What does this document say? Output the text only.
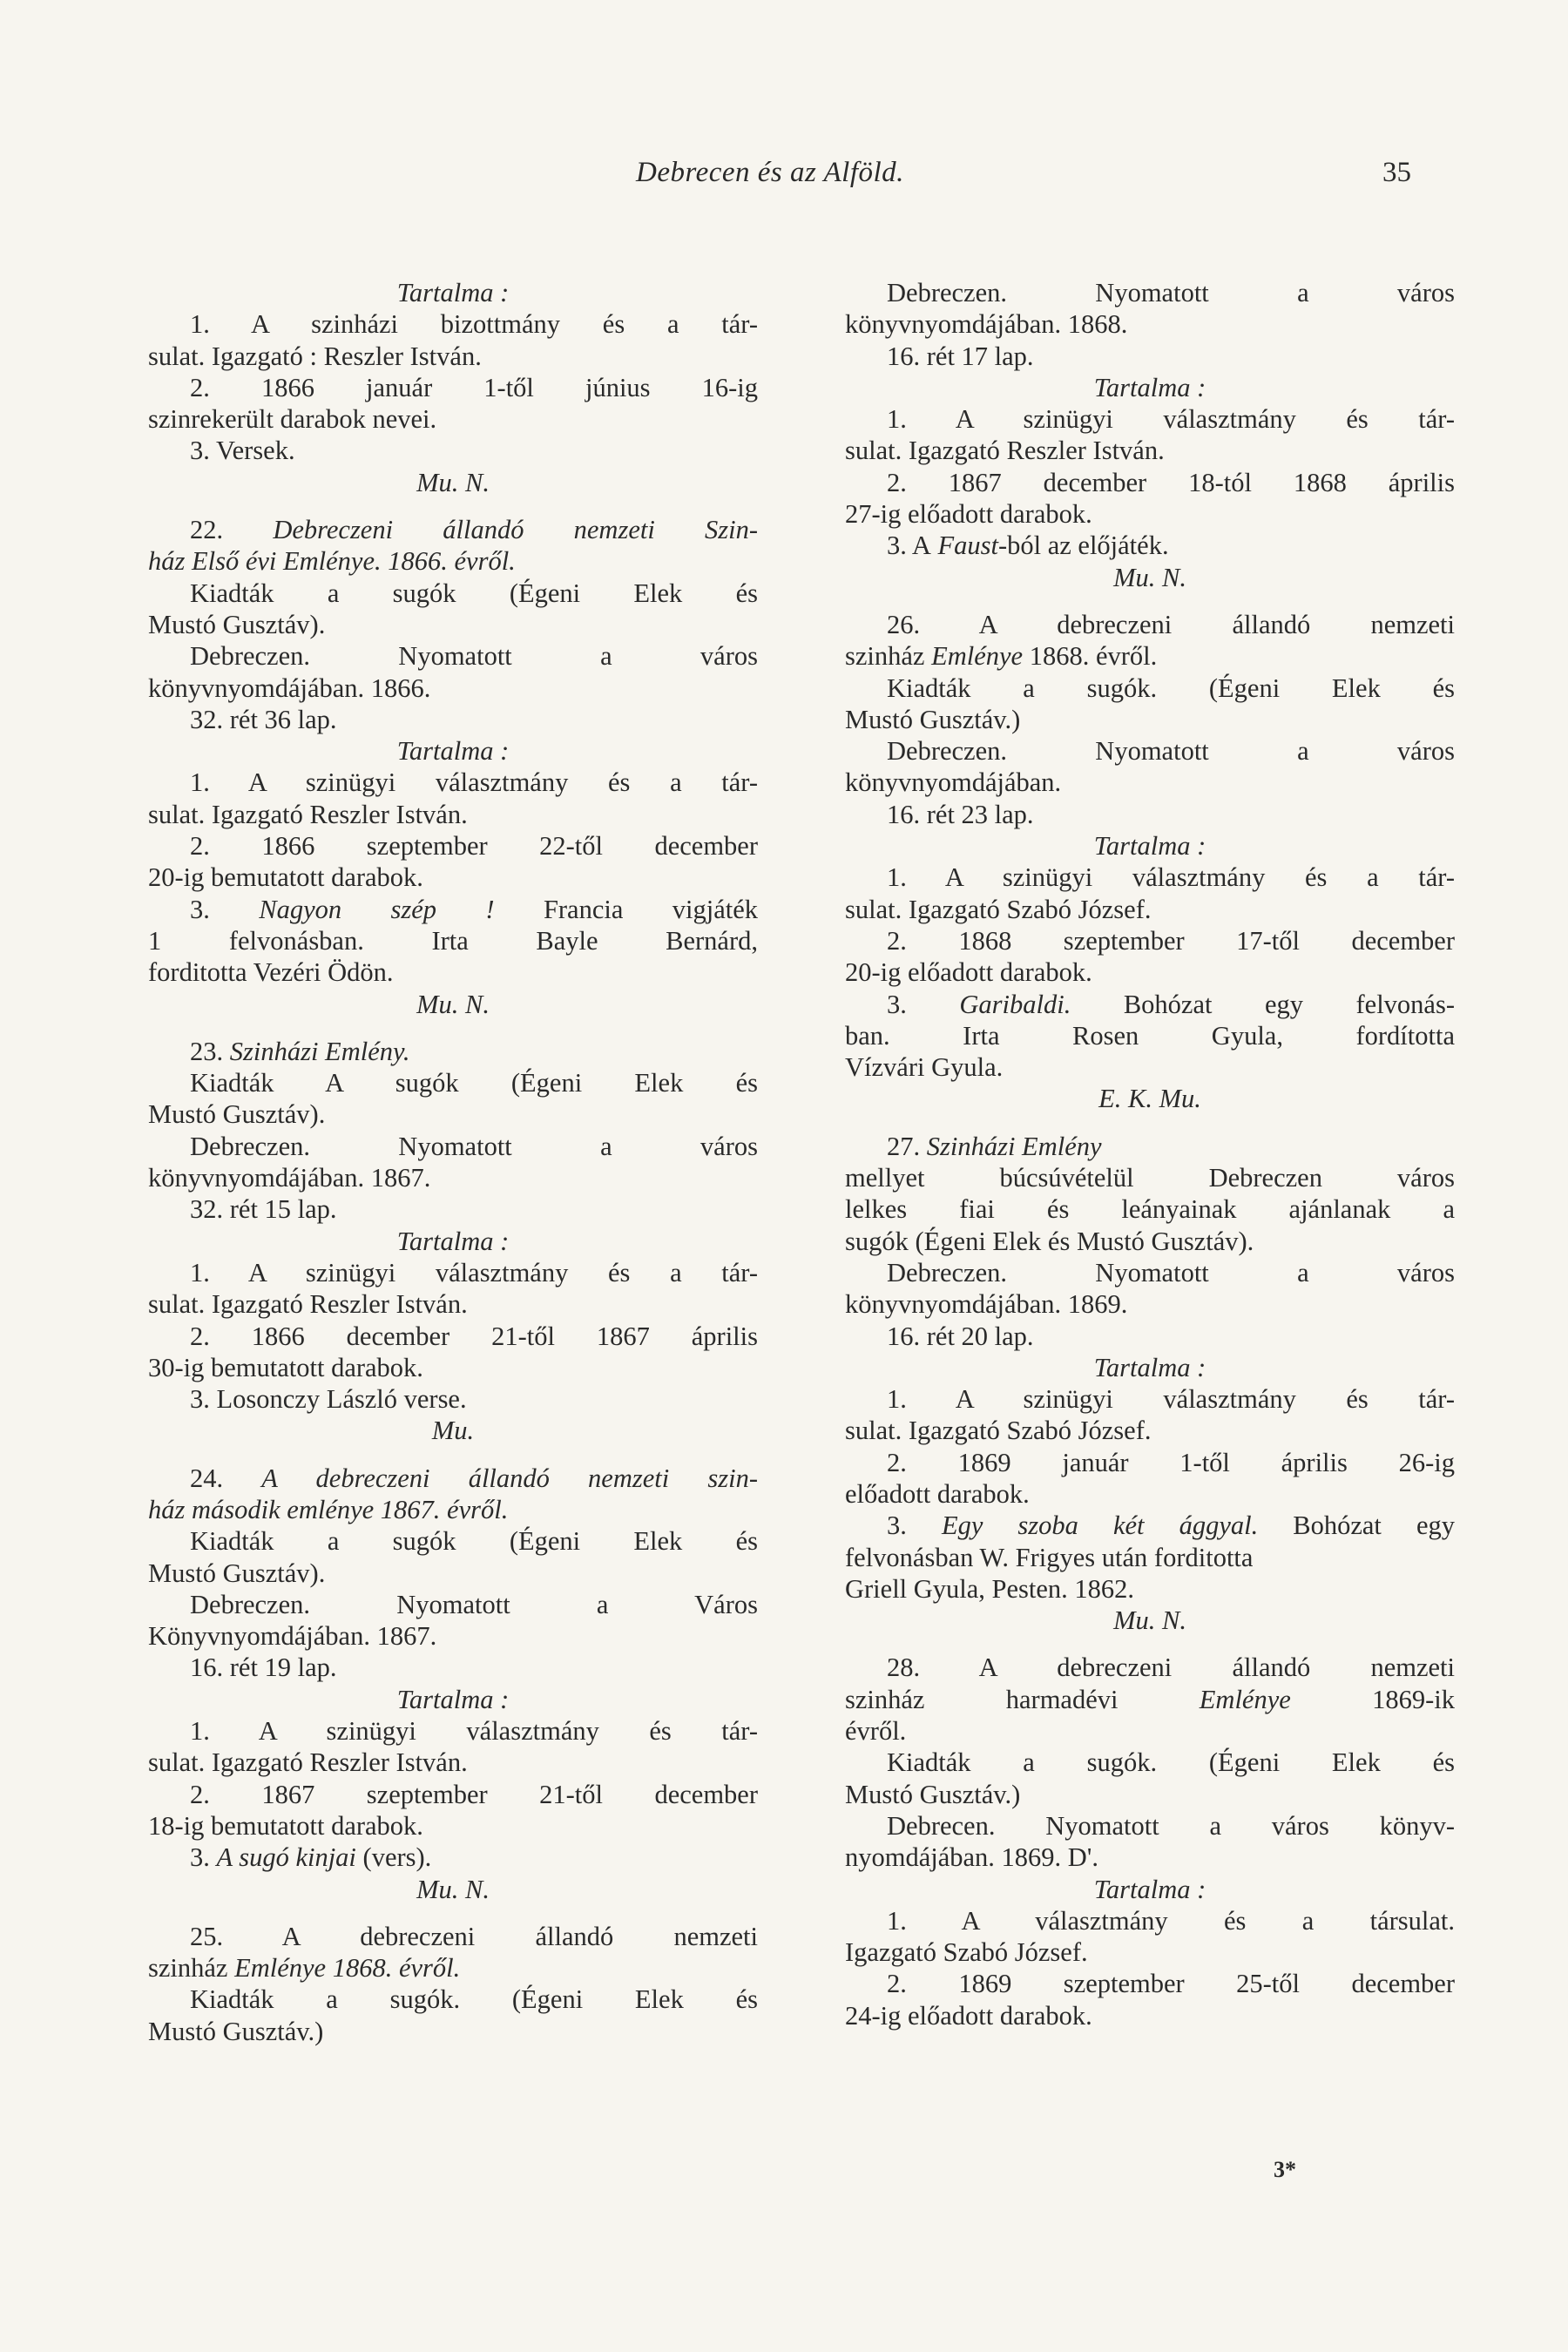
Debrecen és az Alföld.	35
Tartalma :
1. A szinházi bizottmány és a tár-
sulat. Igazgató : Reszler István.
2. 1866 január 1-től június 16-ig
szinrekerült darabok nevei.
3. Versek.
Mu. N.
22. Debreczeni állandó nemzeti Szin-
ház Első évi Emlénye. 1866. évről.
Kiadták a sugók (Égeni Elek és
Mustó Gusztáv).
Debreczen. Nyomatott a város
könyvnyomdájában. 1866.
32. rét 36 lap.
Tartalma :
1. A szinügyi választmány és a tár-
sulat. Igazgató Reszler István.
2. 1866 szeptember 22-től december
20-ig bemutatott darabok.
3. Nagyon szép ! Francia vigjáték
1 felvonásban. Irta Bayle Bernárd,
forditotta Vezéri Ödön.
Mu. N.
23. Szinházi Emlény.
Kiadták A sugók (Égeni Elek és
Mustó Gusztáv).
Debreczen. Nyomatott a város
könyvnyomdájában. 1867.
32. rét 15 lap.
Tartalma :
1. A szinügyi választmány és a tár-
sulat. Igazgató Reszler István.
2. 1866 december 21-től 1867 április
30-ig bemutatott darabok.
3. Losonczy László verse.
Mu.
24. A debreczeni állandó nemzeti szin-
ház második emlénye 1867. évről.
Kiadták a sugók (Égeni Elek és
Mustó Gusztáv).
Debreczen. Nyomatott a Város
Könyvnyomdájában. 1867.
16. rét 19 lap.
Tartalma :
1. A szinügyi választmány és tár-
sulat. Igazgató Reszler István.
2. 1867 szeptember 21-től december
18-ig bemutatott darabok.
3. A sugó kinjai (vers).
Mu. N.
25. A debreczeni állandó nemzeti
szinház Emlénye 1868. évről.
Kiadták a sugók. (Égeni Elek és
Mustó Gusztáv.)
Debreczen. Nyomatott a város
könyvnyomdájában. 1868.
16. rét 17 lap.
Tartalma :
1. A szinügyi választmány és tár-
sulat. Igazgató Reszler István.
2. 1867 december 18-tól 1868 április
27-ig előadott darabok.
3. A Faust-ból az előjáték.
Mu. N.
26. A debreczeni állandó nemzeti
szinház Emlénye 1868. évről.
Kiadták a sugók. (Égeni Elek és
Mustó Gusztáv.)
Debreczen. Nyomatott a város
könyvnyomdájában.
16. rét 23 lap.
Tartalma :
1. A szinügyi választmány és a tár-
sulat. Igazgató Szabó József.
2. 1868 szeptember 17-től december
20-ig előadott darabok.
3. Garibaldi. Bohózat egy felvonás-
ban. Irta Rosen Gyula, fordította
Vízvári Gyula.
E. K. Mu.
27. Szinházi Emlény
mellyet búcsúvételül Debreczen város
lelkes fiai és leányainak ajánlanak a
sugók (Égeni Elek és Mustó Gusztáv).
Debreczen. Nyomatott a város
könyvnyomdájában. 1869.
16. rét 20 lap.
Tartalma :
1. A szinügyi választmány és tár-
sulat. Igazgató Szabó József.
2. 1869 január 1-től április 26-ig
előadott darabok.
3. Egy szoba két ággyal. Bohózat egy
felvonásban W. Frigyes után forditotta
Griell Gyula, Pesten. 1862.
Mu. N.
28. A debreczeni állandó nemzeti
szinház harmadévi	Emlénye	1869-ik
évről.
Kiadták a sugók. (Égeni Elek és
Mustó Gusztáv.)
Debrecen. Nyomatott a város könyv-
nyomdájában. 1869. D'.
Tartalma :
1. A választmány és a társulat.
Igazgató Szabó József.
2. 1869 szeptember 25-től december
24-ig előadott darabok.
3*
